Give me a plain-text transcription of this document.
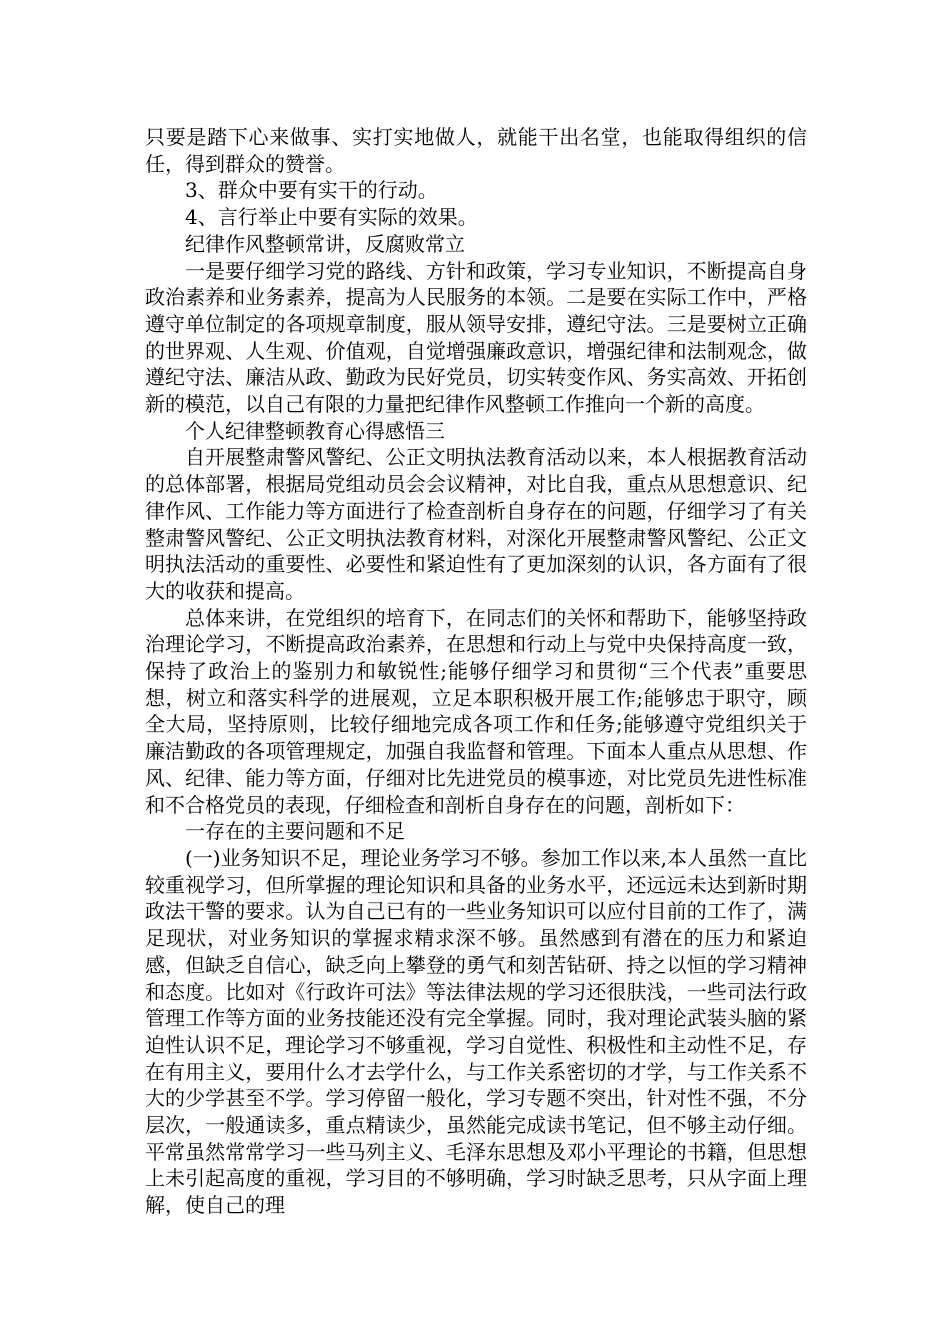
只要是踏下心来做事、实打实地做人，就能干出名堂，也能取得组织的信任，得到群众的赞誉。

3、群众中要有实干的行动。

4、言行举止中要有实际的效果。

纪律作风整顿常讲，反腐败常立

一是要仔细学习党的路线、方针和政策，学习专业知识，不断提高自身政治素养和业务素养，提高为人民服务的本领。二是要在实际工作中，严格遵守单位制定的各项规章制度，服从领导安排，遵纪守法。三是要树立正确的世界观、人生观、价值观，自觉增强廉政意识，增强纪律和法制观念，做遵纪守法、廉洁从政、勤政为民好党员，切实转变作风、务实高效、开拓创新的模范，以自己有限的力量把纪律作风整顿工作推向一个新的高度。

个人纪律整顿教育心得感悟三

自开展整肃警风警纪、公正文明执法教育活动以来，本人根据教育活动的总体部署，根据局党组动员会会议精神，对比自我，重点从思想意识、纪律作风、工作能力等方面进行了检查剖析自身存在的问题，仔细学习了有关整肃警风警纪、公正文明执法教育材料，对深化开展整肃警风警纪、公正文明执法活动的重要性、必要性和紧迫性有了更加深刻的认识，各方面有了很大的收获和提高。

总体来讲，在党组织的培育下，在同志们的关怀和帮助下，能够坚持政治理论学习，不断提高政治素养，在思想和行动上与党中央保持高度一致，保持了政治上的鉴别力和敏锐性;能够仔细学习和贯彻“三个代表”重要思想，树立和落实科学的进展观，立足本职积极开展工作;能够忠于职守，顾全大局，坚持原则，比较仔细地完成各项工作和任务;能够遵守党组织关于廉洁勤政的各项管理规定，加强自我监督和管理。下面本人重点从思想、作风、纪律、能力等方面，仔细对比先进党员的模事迹，对比党员先进性标准和不合格党员的表现，仔细检查和剖析自身存在的问题，剖析如下：

一存在的主要问题和不足

(一)业务知识不足，理论业务学习不够。参加工作以来,本人虽然一直比较重视学习，但所掌握的理论知识和具备的业务水平，还远远未达到新时期政法干警的要求。认为自己已有的一些业务知识可以应付目前的工作了，满足现状，对业务知识的掌握求精求深不够。虽然感到有潜在的压力和紧迫感，但缺乏自信心，缺乏向上攀登的勇气和刻苦钻研、持之以恒的学习精神和态度。比如对《行政许可法》等法律法规的学习还很肤浅，一些司法行政管理工作等方面的业务技能还没有完全掌握。同时，我对理论武装头脑的紧迫性认识不足，理论学习不够重视，学习自觉性、积极性和主动性不足，存在有用主义，要用什么才去学什么，与工作关系密切的才学，与工作关系不大的少学甚至不学。学习停留一般化，学习专题不突出，针对性不强，不分层次，一般通读多，重点精读少，虽然能完成读书笔记，但不够主动仔细。平常虽然常常学习一些马列主义、毛泽东思想及邓小平理论的书籍，但思想上未引起高度的重视，学习目的不够明确，学习时缺乏思考，只从字面上理解，使自己的理
